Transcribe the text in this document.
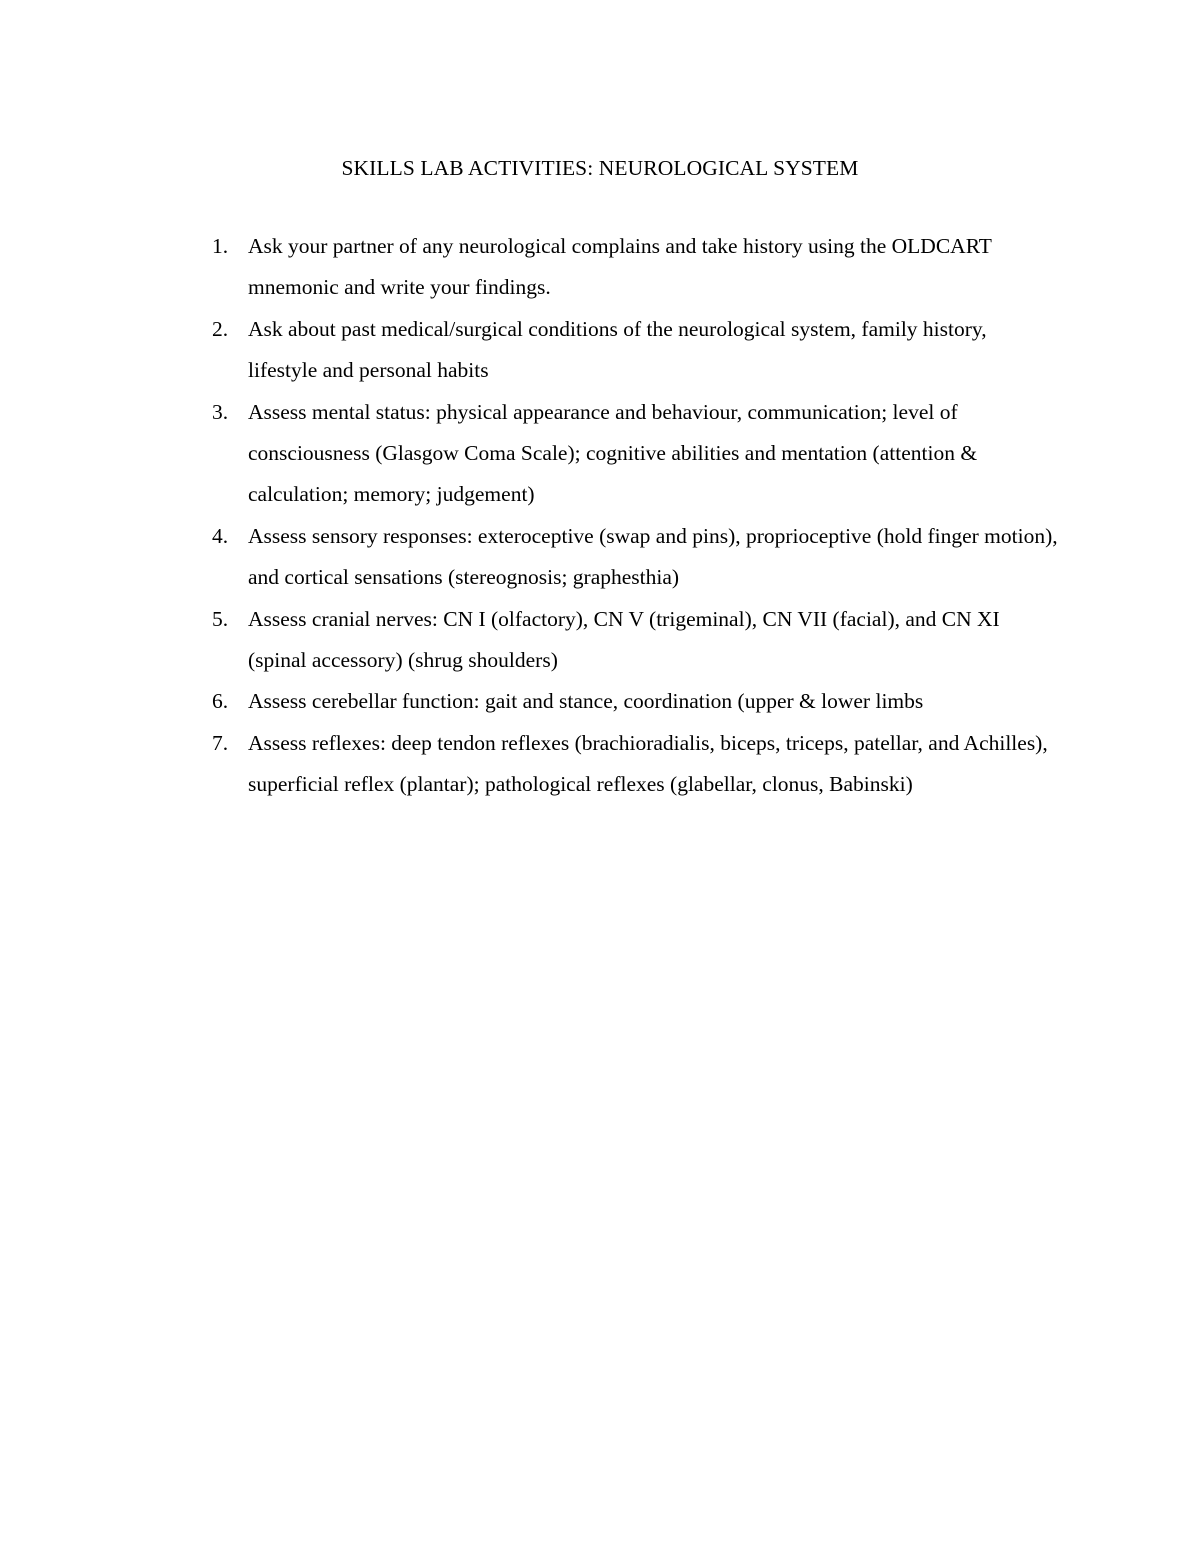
SKILLS LAB ACTIVITIES: NEUROLOGICAL SYSTEM
1. Ask your partner of any neurological complains and take history using the OLDCART mnemonic and write your findings.
2. Ask about past medical/surgical conditions of the neurological system, family history, lifestyle and personal habits
3. Assess mental status: physical appearance and behaviour, communication; level of consciousness (Glasgow Coma Scale); cognitive abilities and mentation (attention & calculation; memory; judgement)
4. Assess sensory responses: exteroceptive (swap and pins), proprioceptive (hold finger motion), and cortical sensations (stereognosis; graphesthia)
5. Assess cranial nerves: CN I (olfactory), CN V (trigeminal), CN VII (facial), and CN XI (spinal accessory) (shrug shoulders)
6. Assess cerebellar function: gait and stance, coordination (upper & lower limbs
7. Assess reflexes: deep tendon reflexes (brachioradialis, biceps, triceps, patellar, and Achilles), superficial reflex (plantar); pathological reflexes (glabellar, clonus, Babinski)
